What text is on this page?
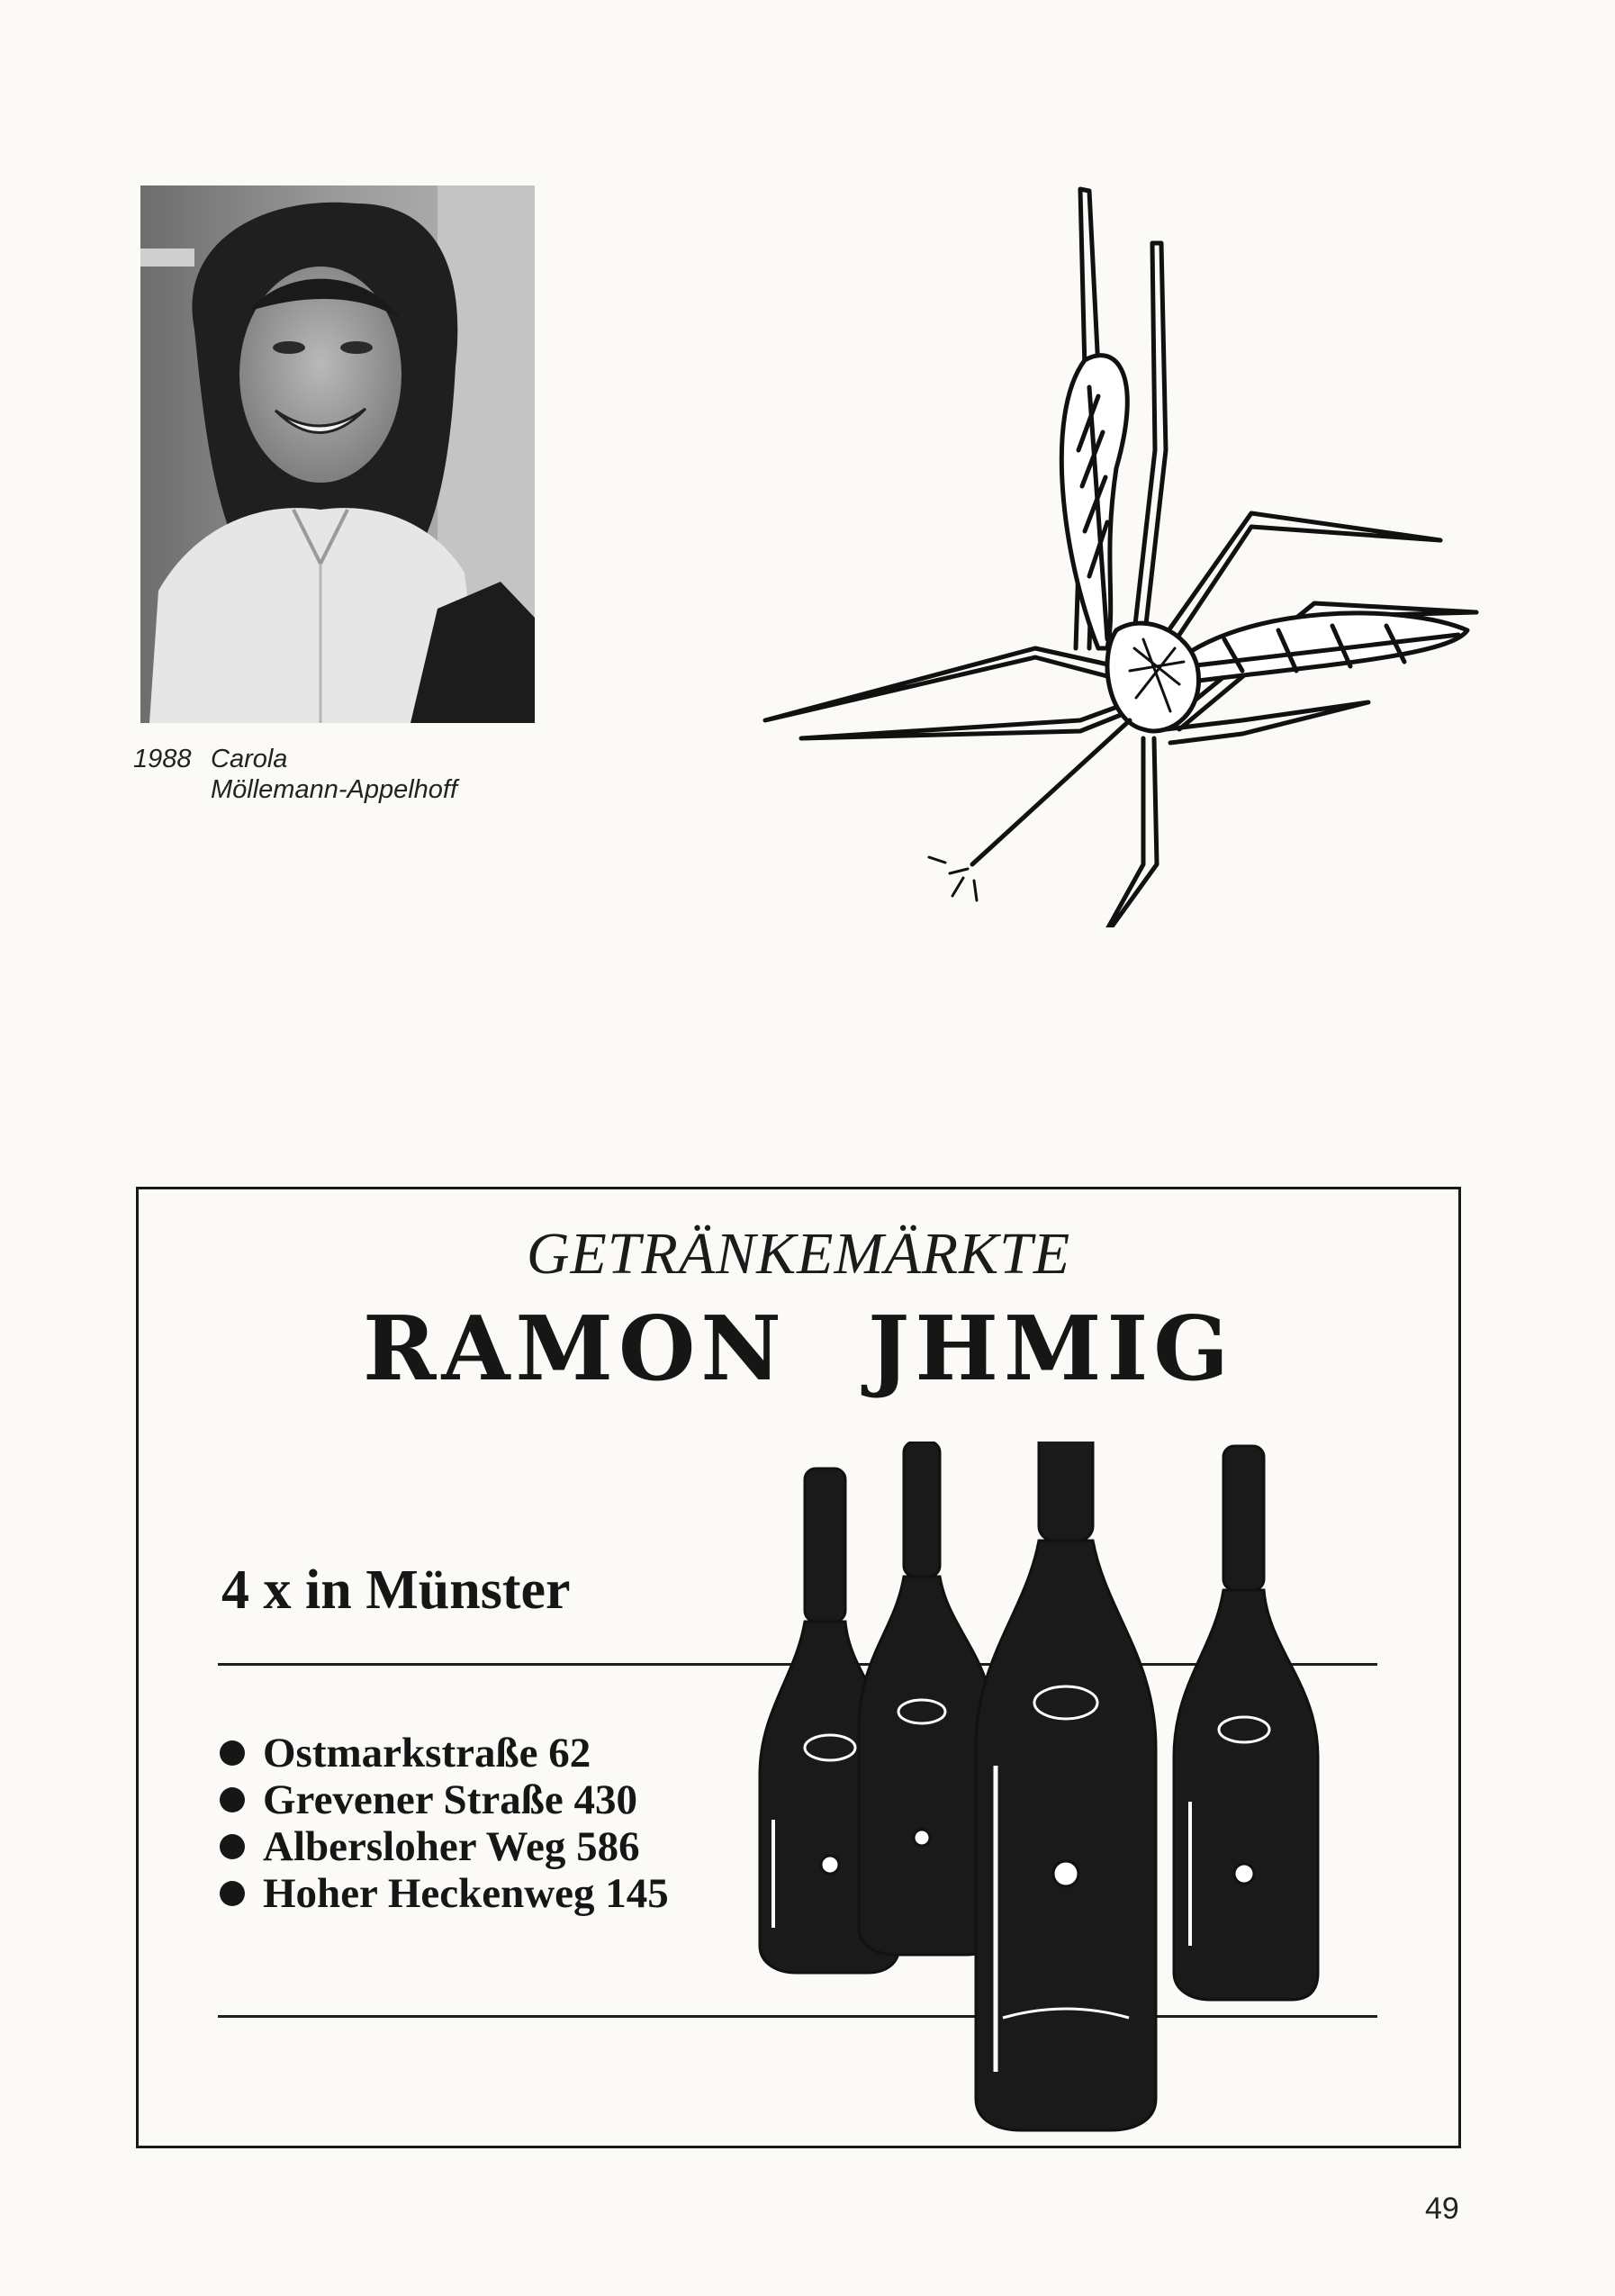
1988 Carola
Möllemann-Appelhoff
GETRÄNKEMÄRKTE
RAMON JHMIG
4 x in Münster
Ostmarkstraße 62
Grevener Straße 430
Albersloher Weg 586
Hoher Heckenweg 145
49
